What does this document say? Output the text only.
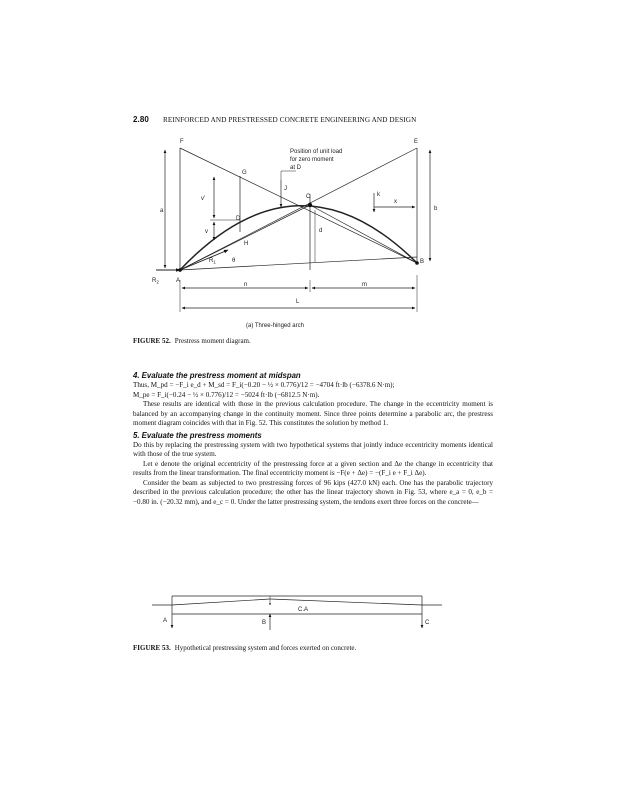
2.80 REINFORCED AND PRESTRESSED CONCRETE ENGINEERING AND DESIGN
F	E
G
J
C
D
H
A
B
$R_1$
$R_2$
a	b
v'
v
θ
d
k
x
n	m
L
Position of unit load
for zero moment
at D
(a) Three-hinged arch
C.A
A	B	C
FIGURE 52. Prestress moment diagram.
4. Evaluate the prestress moment at midspan

Thus, M_pd = −F_i e_d + M_sd = F_i(−0.20 − ½ × 0.776)/12 = −4704 ft·lb (−6378.6 N·m);

M_pe = F_i(−0.24 − ½ × 0.776)/12 = −5024 ft·lb (−6812.5 N·m).

These results are identical with those in the previous calculation procedure. The change in the eccentricity moment is balanced by an accompanying change in the continuity moment. Since three points determine a parabolic arc, the prestress moment diagram coincides with that in Fig. 52. This constitutes the solution by method 1.

5. Evaluate the prestress moments

Do this by replacing the prestressing system with two hypothetical systems that jointly induce eccentricity moments identical with those of the true system.

Let e denote the original eccentricity of the prestressing force at a given section and Δe the change in eccentricity that results from the linear transformation. The final eccentricity moment is −F(e + Δe) = −(F_i e + F_i Δe).

Consider the beam as subjected to two prestressing forces of 96 kips (427.0 kN) each. One has the parabolic trajectory described in the previous calculation procedure; the other has the linear trajectory shown in Fig. 53, where e_a = 0, e_b = −0.80 in. (−20.32 mm), and e_c = 0. Under the latter prestressing system, the tendons exert three forces on the concrete—

FIGURE 53. Hypothetical prestressing system and forces exerted on concrete.
